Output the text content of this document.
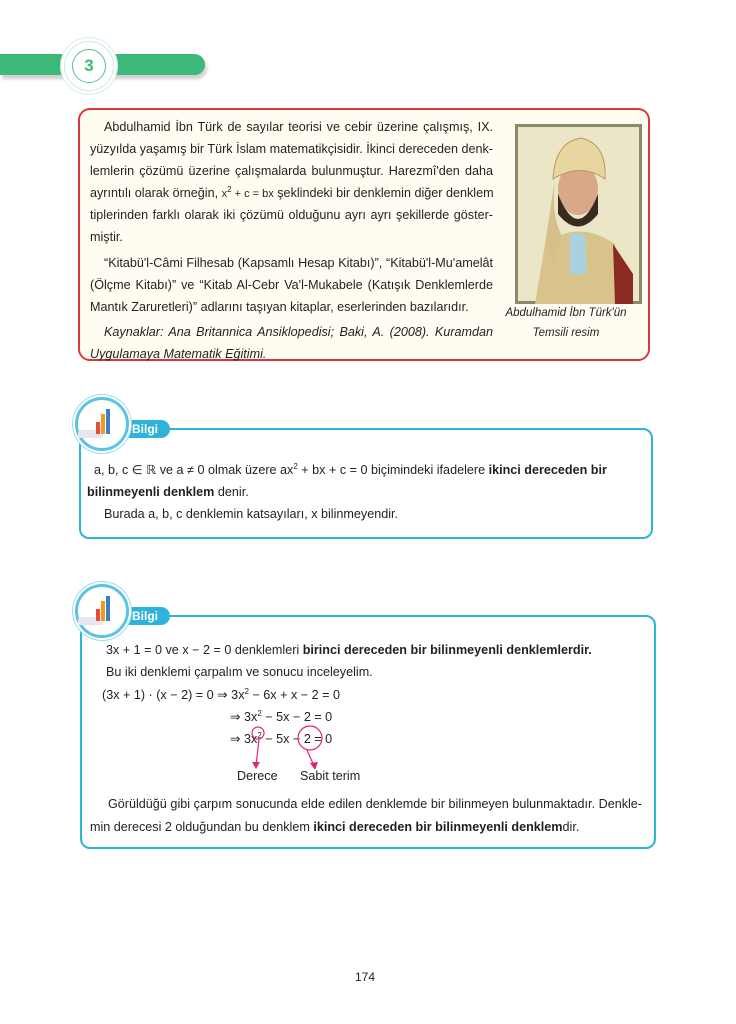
3
Abdulhamid İbn Türk de sayılar teorisi ve cebir üzerine çalışmış, IX.
yüzyılda yaşamış bir Türk İslam matematikçisidir. İkinci dereceden denk-
lemlerin çözümü üzerine çalışmalarda bulunmuştur. Harezmî'den daha
ayrıntılı olarak örneğin, $x^2 + c$ = bx şeklindeki bir denklemin diğer denklem
tiplerinden farklı olarak iki çözümü olduğunu ayrı ayrı şekillerde göster-
miştir.
“Kitabü'l-Câmi Filhesab (Kapsamlı Hesap Kitabı)”, “Kitabü'l-Mu'amelât
(Ölçme Kitabı)” ve “Kitab Al-Cebr Va'l-Mukabele (Katışık Denklemlerde
Mantık Zaruretleri)” adlarını taşıyan kitaplar, eserlerinden bazılarıdır.
Kaynaklar: Ana Britannica Ansiklopedisi; Baki, A. (2008). Kuramdan
Uygulamaya Matematik Eğitimi.
Abdulhamid İbn Türk'ün
Temsili resim
Bilgi
a, b, c ∈ ℝ ve a ≠ 0 olmak üzere $ax^2$ + bx + c = 0 biçimindeki ifadelere ikinci dereceden bir
bilinmeyenli denklem denir.
Burada a, b, c denklemin katsayıları, x bilinmeyendir.
Bilgi
3x + 1 = 0 ve x − 2 = 0 denklemleri birinci dereceden bir bilinmeyenli denklemlerdir.
Bu iki denklemi çarpalım ve sonucu inceleyelim.
(3x + 1) · (x − 2) = 0 ⇒ $3x^2 - 6x + x - 2 = 0$
⇒ $3x^2 - 5x - 2 = 0$
⇒ $3x^2 - 5x - 2 = 0$
Derece Sabit terim
Görüldüğü gibi çarpım sonucunda elde edilen denklemde bir bilinmeyen bulunmaktadır. Denkle-
min derecesi 2 olduğundan bu denklem ikinci dereceden bir bilinmeyenli denklemdir.
174
